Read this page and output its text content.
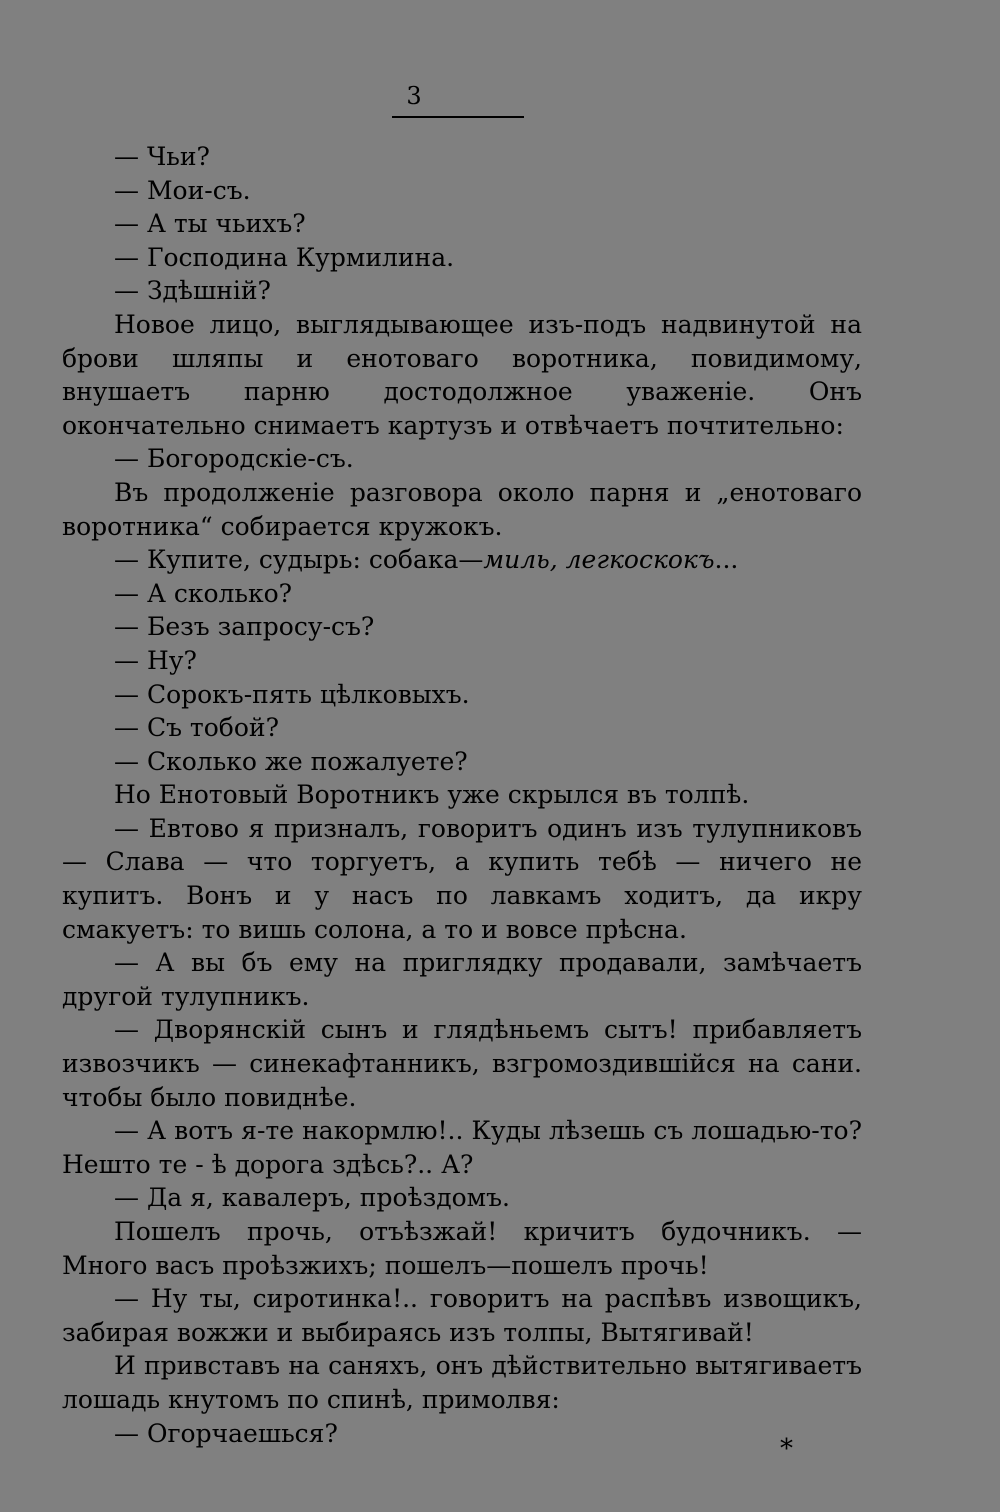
3

— Чьи?

— Мои-съ.

— А ты чьихъ?

— Господина Курмилина.

— Здѣшній?

Новое лицо, выглядывающее изъ-подъ надвинутой на брови шляпы и енотоваго воротника, повидимому, внушаетъ парню достодолжное уваженіе. Онъ окончательно снимаетъ картузъ и отвѣчаетъ почтительно:

— Богородскіе-съ.

Въ продолженіе разговора около парня и „енотоваго воротника“ собирается кружокъ.

— Купите, судырь: собака—миль, легкоскокъ...

— А сколько?

— Безъ запросу-съ?

— Ну?

— Сорокъ-пять цѣлковыхъ.

— Съ тобой?

— Сколько же пожалуете?

Но Енотовый Воротникъ уже скрылся въ толпѣ.

— Евтово я призналъ, говоритъ одинъ изъ тулупниковъ — Слава — что торгуетъ, а купить тебѣ — ничего не купитъ. Вонъ и у насъ по лавкамъ ходитъ, да икру смакуетъ: то вишь солона, а то и вовсе прѣсна.

— А вы бъ ему на приглядку продавали, замѣчаетъ другой тулупникъ.

— Дворянскій сынъ и глядѣньемъ сытъ! прибавляетъ извозчикъ — синекафтанникъ, взгромоздившійся на сани. чтобы было повиднѣе.

— А вотъ я-те накормлю!.. Куды лѣзешь съ лошадью-то? Нешто те - ѣ дорога здѣсь?.. А?

— Да я, кавалеръ, проѣздомъ.

Пошелъ прочь, отъѣзжай! кричитъ будочникъ. — Много васъ проѣзжихъ; пошелъ—пошелъ прочь!

— Ну ты, сиротинка!.. говоритъ на распѣвъ извощикъ, забирая вожжи и выбираясь изъ толпы, Вытягивай!

И привставъ на саняхъ, онъ дѣйствительно вытягиваетъ лошадь кнутомъ по спинѣ, примолвя:

— Огорчаешься?

*
